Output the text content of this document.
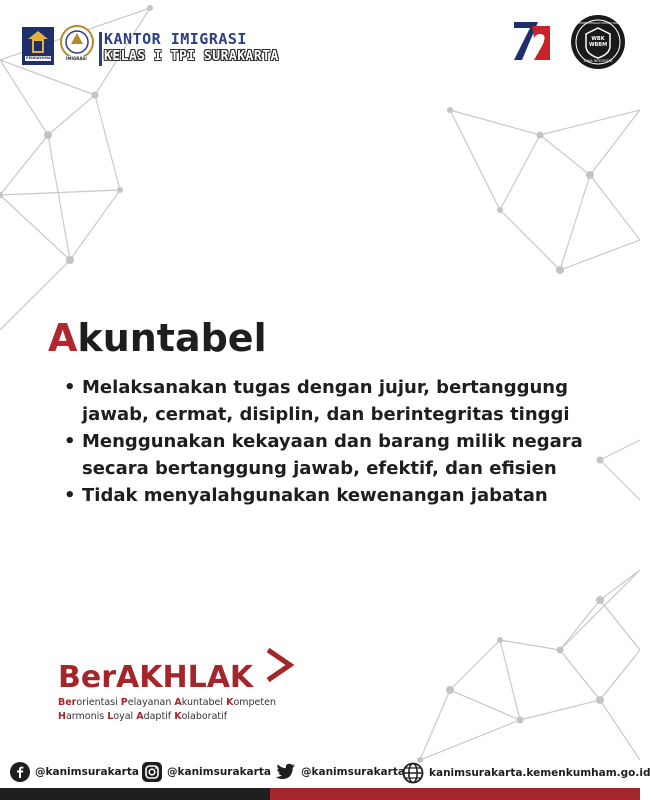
PENGAYOMAN	IMIGRASI
KANTOR IMIGRASI
KELAS I TPI SURAKARTA
KEMENTERIAN HUKUM DAN HAM
WBK WBBM
ZONA INTEGRITAS
Akuntabel
• Melaksanakan tugas dengan jujur, bertanggung jawab, cermat, disiplin, dan berintegritas tinggi
• Menggunakan kekayaan dan barang milik negara secara bertanggung jawab, efektif, dan efisien
• Tidak menyalahgunakan kewenangan jabatan
BerAKHLAK
Berorientasi Pelayanan Akuntabel Kompeten
Harmonis Loyal Adaptif Kolaboratif
@kanimsurakarta	@kanimsurakarta	@kanimsurakarta kanimsurakarta.kemenkumham.go.id
